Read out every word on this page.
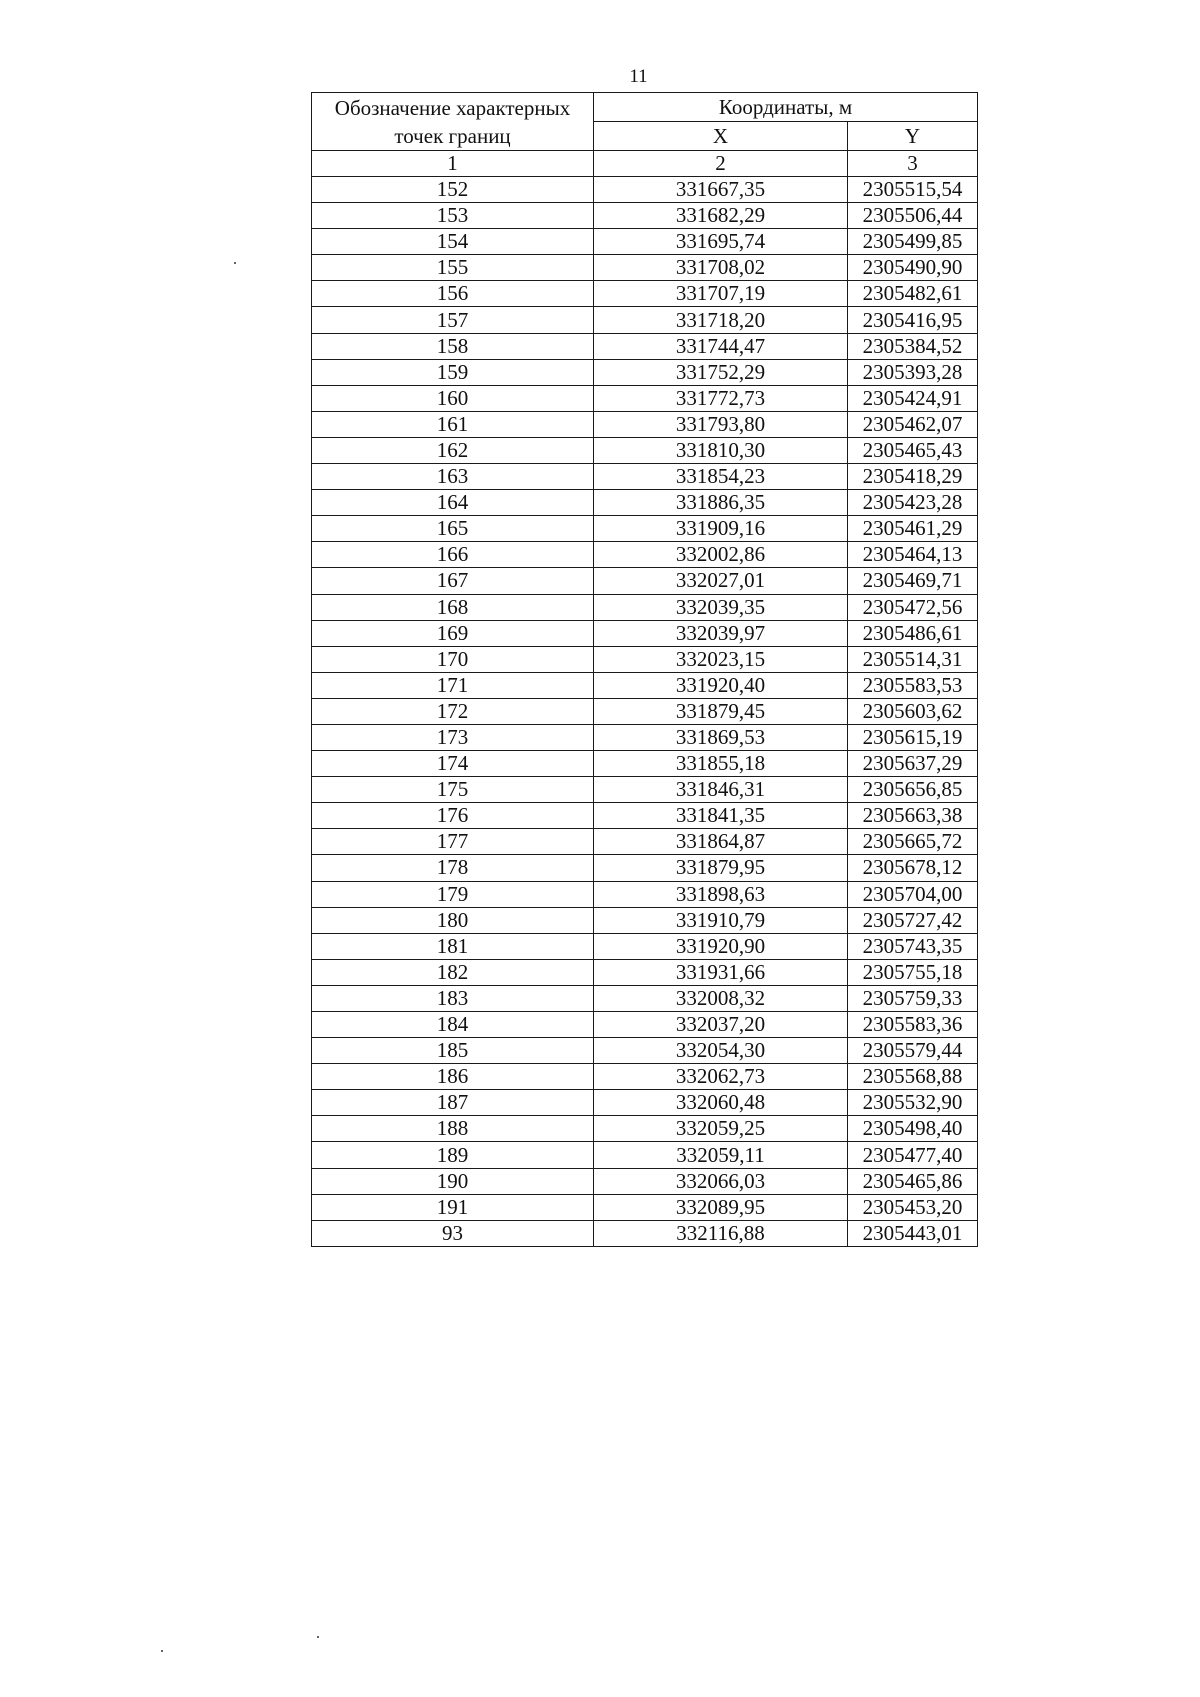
11
Обозначение характерных точек границ	Координаты, м	
	X	Y
1	2	3
152	331667,35	2305515,54
153	331682,29	2305506,44
154	331695,74	2305499,85
155	331708,02	2305490,90
156	331707,19	2305482,61
157	331718,20	2305416,95
158	331744,47	2305384,52
159	331752,29	2305393,28
160	331772,73	2305424,91
161	331793,80	2305462,07
162	331810,30	2305465,43
163	331854,23	2305418,29
164	331886,35	2305423,28
165	331909,16	2305461,29
166	332002,86	2305464,13
167	332027,01	2305469,71
168	332039,35	2305472,56
169	332039,97	2305486,61
170	332023,15	2305514,31
171	331920,40	2305583,53
172	331879,45	2305603,62
173	331869,53	2305615,19
174	331855,18	2305637,29
175	331846,31	2305656,85
176	331841,35	2305663,38
177	331864,87	2305665,72
178	331879,95	2305678,12
179	331898,63	2305704,00
180	331910,79	2305727,42
181	331920,90	2305743,35
182	331931,66	2305755,18
183	332008,32	2305759,33
184	332037,20	2305583,36
185	332054,30	2305579,44
186	332062,73	2305568,88
187	332060,48	2305532,90
188	332059,25	2305498,40
189	332059,11	2305477,40
190	332066,03	2305465,86
191	332089,95	2305453,20
93	332116,88	2305443,01
